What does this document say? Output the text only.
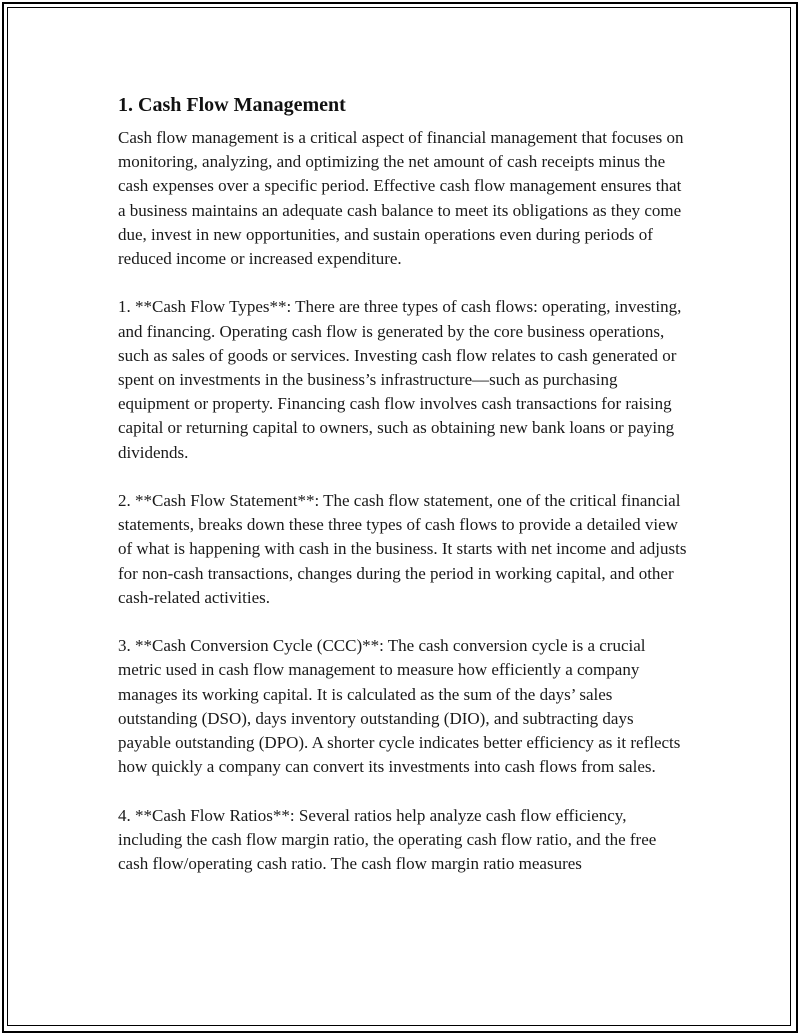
1. Cash Flow Management

Cash flow management is a critical aspect of financial management that focuses on monitoring, analyzing, and optimizing the net amount of cash receipts minus the cash expenses over a specific period. Effective cash flow management ensures that a business maintains an adequate cash balance to meet its obligations as they come due, invest in new opportunities, and sustain operations even during periods of reduced income or increased expenditure.

1. **Cash Flow Types**: There are three types of cash flows: operating, investing, and financing. Operating cash flow is generated by the core business operations, such as sales of goods or services. Investing cash flow relates to cash generated or spent on investments in the business’s infrastructure—such as purchasing equipment or property. Financing cash flow involves cash transactions for raising capital or returning capital to owners, such as obtaining new bank loans or paying dividends.

2. **Cash Flow Statement**: The cash flow statement, one of the critical financial statements, breaks down these three types of cash flows to provide a detailed view of what is happening with cash in the business. It starts with net income and adjusts for non-cash transactions, changes during the period in working capital, and other cash-related activities.

3. **Cash Conversion Cycle (CCC)**: The cash conversion cycle is a crucial metric used in cash flow management to measure how efficiently a company manages its working capital. It is calculated as the sum of the days’ sales outstanding (DSO), days inventory outstanding (DIO), and subtracting days payable outstanding (DPO). A shorter cycle indicates better efficiency as it reflects how quickly a company can convert its investments into cash flows from sales.

4. **Cash Flow Ratios**: Several ratios help analyze cash flow efficiency, including the cash flow margin ratio, the operating cash flow ratio, and the free cash flow/operating cash ratio. The cash flow margin ratio measures
